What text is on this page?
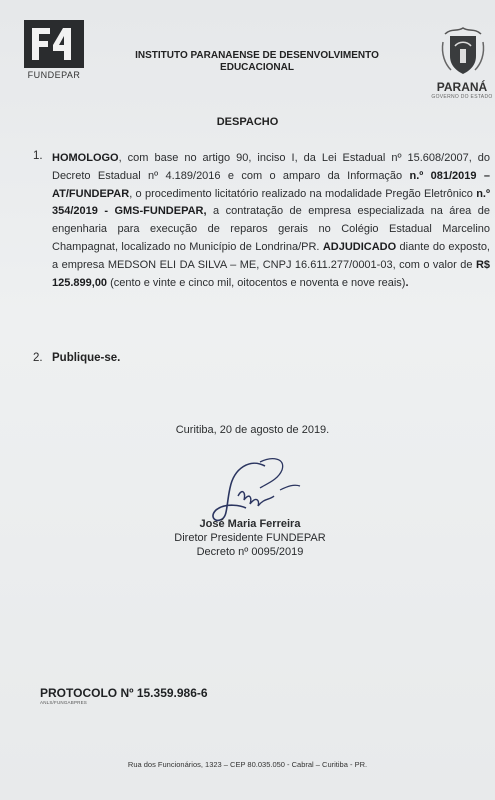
FUNDEPAR
INSTITUTO PARANAENSE DE DESENVOLVIMENTO EDUCACIONAL
PARANÁ
GOVERNO DO ESTADO
DESPACHO
1. HOMOLOGO, com base no artigo 90, inciso I, da Lei Estadual nº 15.608/2007, do Decreto Estadual nº 4.189/2016 e com o amparo da Informação n.º 081/2019 – AT/FUNDEPAR, o procedimento licitatório realizado na modalidade Pregão Eletrônico n.º 354/2019 - GMS-FUNDEPAR, a contratação de empresa especializada na área de engenharia para execução de reparos gerais no Colégio Estadual Marcelino Champagnat, localizado no Município de Londrina/PR. ADJUDICADO diante do exposto, a empresa MEDSON ELI DA SILVA – ME, CNPJ 16.611.277/0001-03, com o valor de R$ 125.899,00 (cento e vinte e cinco mil, oitocentos e noventa e nove reais).
2. Publique-se.
Curitiba, 20 de agosto de 2019.
José Maria Ferreira
Diretor Presidente FUNDEPAR
Decreto nº 0095/2019
PROTOCOLO Nº 15.359.986-6
ANLS/FUNGABPRES
Rua dos Funcionários, 1323 – CEP 80.035.050 - Cabral – Curitiba - PR.
